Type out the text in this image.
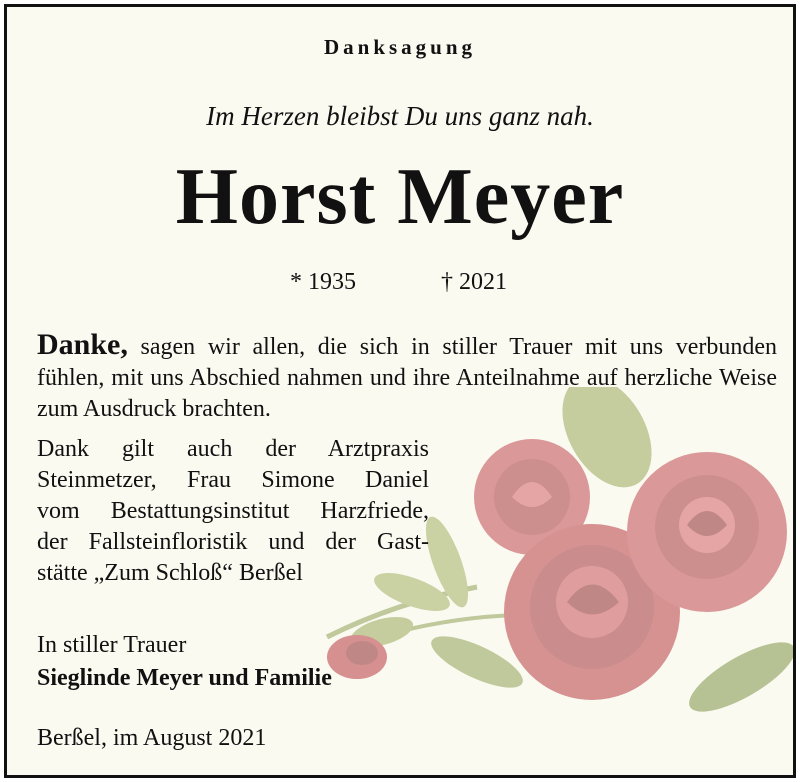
Danksagung
Im Herzen bleibst Du uns ganz nah.
Horst Meyer
* 1935	† 2021
Danke, sagen wir allen, die sich in stiller Trauer mit uns verbunden fühlen, mit uns Abschied nahmen und ihre Anteilnahme auf herzliche Weise zum Ausdruck brachten.
Dank gilt auch der Arztpraxis
Steinmetzer, Frau Simone Daniel
vom Bestattungsinstitut Harzfriede,
der Fallsteinfloristik und der Gast-
stätte „Zum Schloß“ Berßel
In stiller Trauer
Sieglinde Meyer und Familie
Berßel, im August 2021
